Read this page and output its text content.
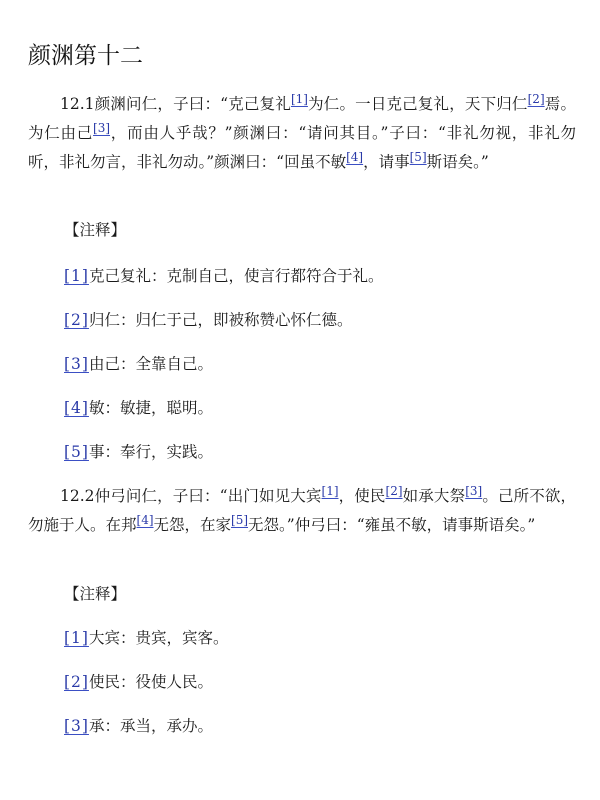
颜渊第十二
12.1颜渊问仁，子曰：“克己复礼[1]为仁。一日克己复礼，天下归仁[2]焉。为仁由己[3]，而由人乎哉？”颜渊曰：“请问其目。”子曰：“非礼勿视，非礼勿听，非礼勿言，非礼勿动。”颜渊曰：“回虽不敏[4]，请事[5]斯语矣。”
【注释】
[1]克己复礼：克制自己，使言行都符合于礼。
[2]归仁：归仁于己，即被称赞心怀仁德。
[3]由己：全靠自己。
[4]敏：敏捷，聪明。
[5]事：奉行，实践。
12.2仲弓问仁，子曰：“出门如见大宾[1]，使民[2]如承大祭[3]。己所不欲，勿施于人。在邦[4]无怨，在家[5]无怨。”仲弓曰：“雍虽不敏，请事斯语矣。”
【注释】
[1]大宾：贵宾，宾客。
[2]使民：役使人民。
[3]承：承当，承办。
